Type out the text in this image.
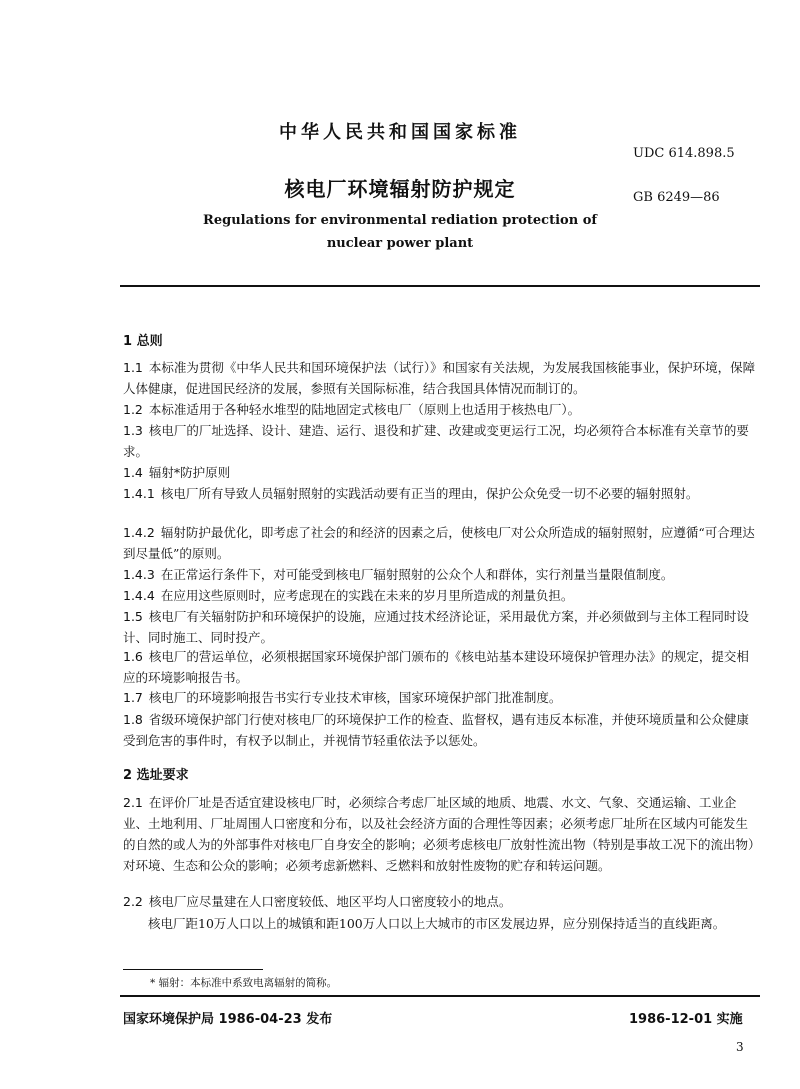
中华人民共和国国家标准
UDC 614.898.5
核电厂环境辐射防护规定	GB 6249—86
Regulations for environmental rediation protection of
nuclear power plant
1 总则
1.1 本标准为贯彻《中华人民共和国环境保护法（试行）》和国家有关法规，为发展我国核能事业，保护环境，保障人体健康，促进国民经济的发展，参照有关国际标准，结合我国具体情况而制订的。
1.2 本标准适用于各种轻水堆型的陆地固定式核电厂（原则上也适用于核热电厂）。
1.3 核电厂的厂址选择、设计、建造、运行、退役和扩建、改建或变更运行工况，均必须符合本标准有关章节的要求。
1.4 辐射*防护原则
1.4.1 核电厂所有导致人员辐射照射的实践活动要有正当的理由，保护公众免受一切不必要的辐射照射。
1.4.2 辐射防护最优化，即考虑了社会的和经济的因素之后，使核电厂对公众所造成的辐射照射，应遵循“可合理达到尽量低”的原则。
1.4.3 在正常运行条件下，对可能受到核电厂辐射照射的公众个人和群体，实行剂量当量限值制度。
1.4.4 在应用这些原则时，应考虑现在的实践在未来的岁月里所造成的剂量负担。
1.5 核电厂有关辐射防护和环境保护的设施，应通过技术经济论证，采用最优方案，并必须做到与主体工程同时设计、同时施工、同时投产。
1.6 核电厂的营运单位，必须根据国家环境保护部门颁布的《核电站基本建设环境保护管理办法》的规定，提交相应的环境影响报告书。
1.7 核电厂的环境影响报告书实行专业技术审核，国家环境保护部门批准制度。
1.8 省级环境保护部门行使对核电厂的环境保护工作的检查、监督权，遇有违反本标准，并使环境质量和公众健康受到危害的事件时，有权予以制止，并视情节轻重依法予以惩处。
2 选址要求
2.1 在评价厂址是否适宜建设核电厂时，必须综合考虑厂址区域的地质、地震、水文、气象、交通运输、工业企业、土地利用、厂址周围人口密度和分布，以及社会经济方面的合理性等因素；必须考虑厂址所在区域内可能发生的自然的或人为的外部事件对核电厂自身安全的影响；必须考虑核电厂放射性流出物（特别是事故工况下的流出物）对环境、生态和公众的影响；必须考虑新燃料、乏燃料和放射性废物的贮存和转运问题。
2.2 核电厂应尽量建在人口密度较低、地区平均人口密度较小的地点。
核电厂距10万人口以上的城镇和距100万人口以上大城市的市区发展边界，应分别保持适当的直线距离。
* 辐射：本标准中系致电离辐射的简称。
国家环境保护局 1986-04-23 发布	1986-12-01 实施
3
